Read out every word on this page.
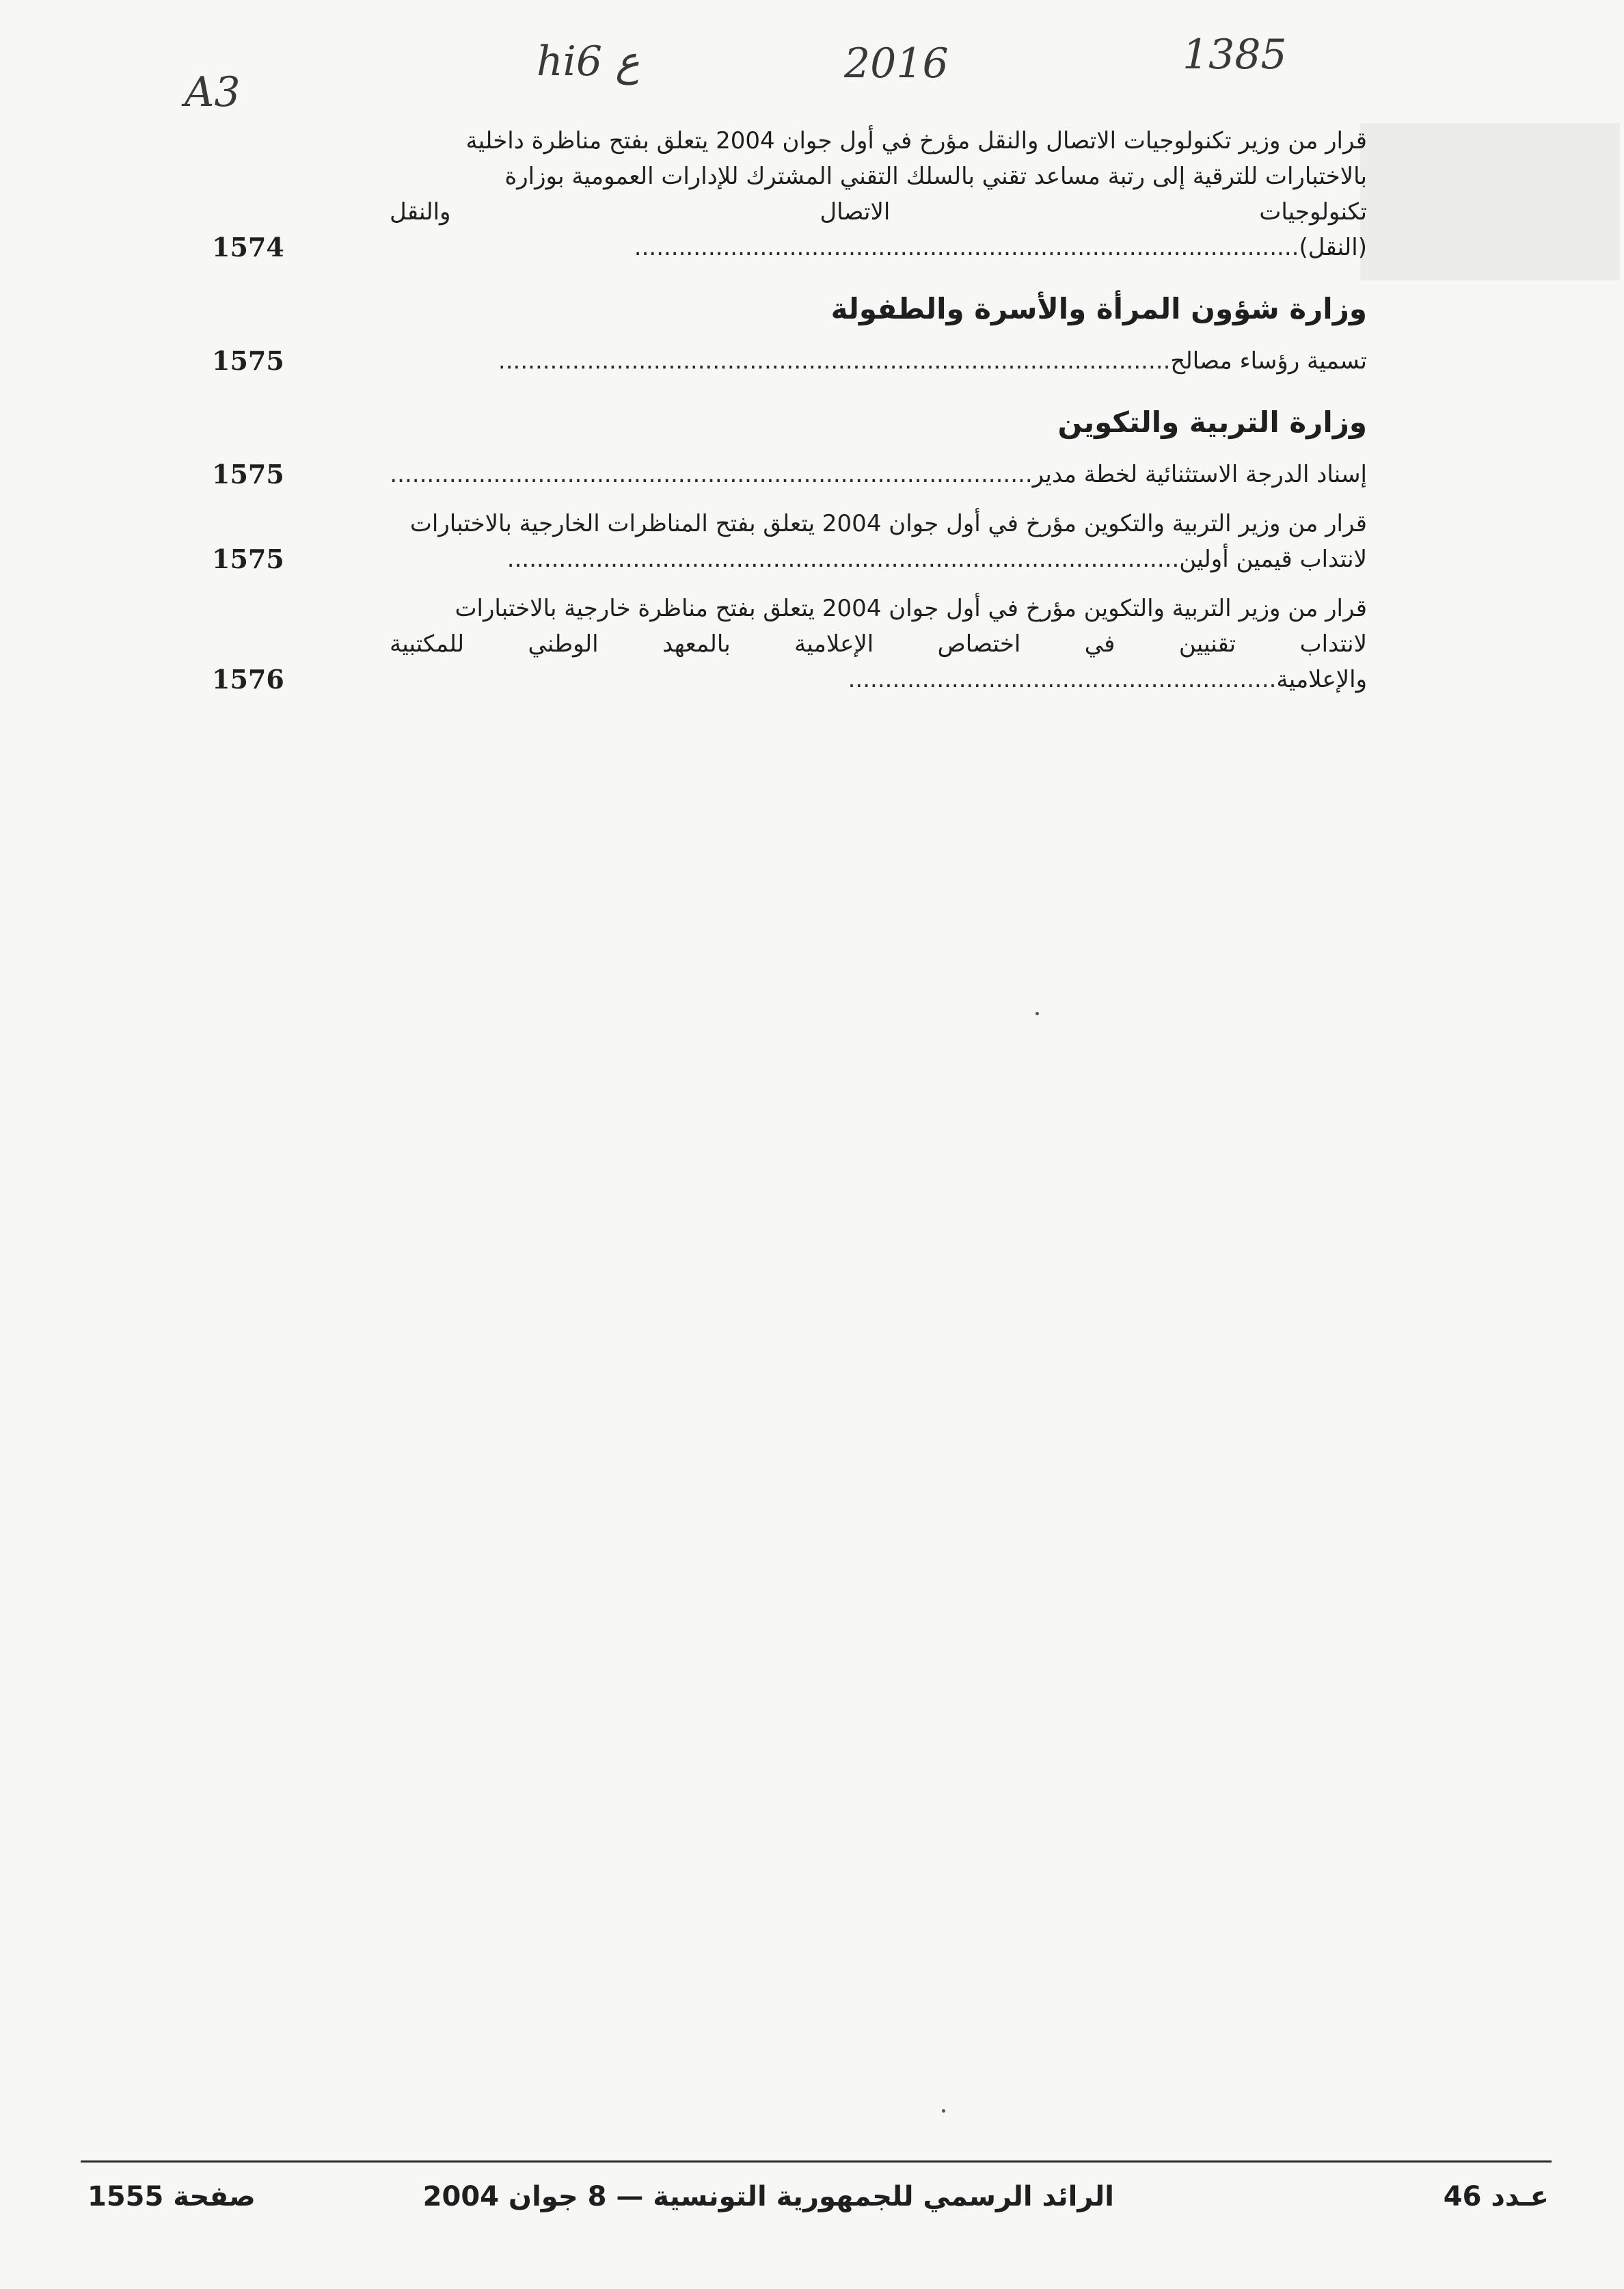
A3
hi6 ع	2016	1385
قرار من وزير تكنولوجيات الاتصال والنقل مؤرخ في أول جوان 2004 يتعلق بفتح مناظرة داخلية
بالاختبارات للترقية إلى رتبة مساعد تقني بالسلك التقني المشترك للإدارات العمومية بوزارة
تكنولوجيات الاتصال والنقل (النقل)..........................................................................................
1574
وزارة شؤون المرأة والأسرة والطفولة
تسمية رؤساء مصالح...........................................................................................
1575
وزارة التربية والتكوين
إسناد الدرجة الاستثنائية لخطة مدير.......................................................................................
1575
قرار من وزير التربية والتكوين مؤرخ في أول جوان 2004 يتعلق بفتح المناظرات الخارجية بالاختبارات
لانتداب قيمين أولين...........................................................................................
1575
قرار من وزير التربية والتكوين مؤرخ في أول جوان 2004 يتعلق بفتح مناظرة خارجية بالاختبارات
لانتداب تقنيين في اختصاص الإعلامية بالمعهد الوطني للمكتبية والإعلامية..........................................................
1576
صفحة 1555	الرائد الرسمي للجمهورية التونسية — 8 جوان 2004	عـدد 46
